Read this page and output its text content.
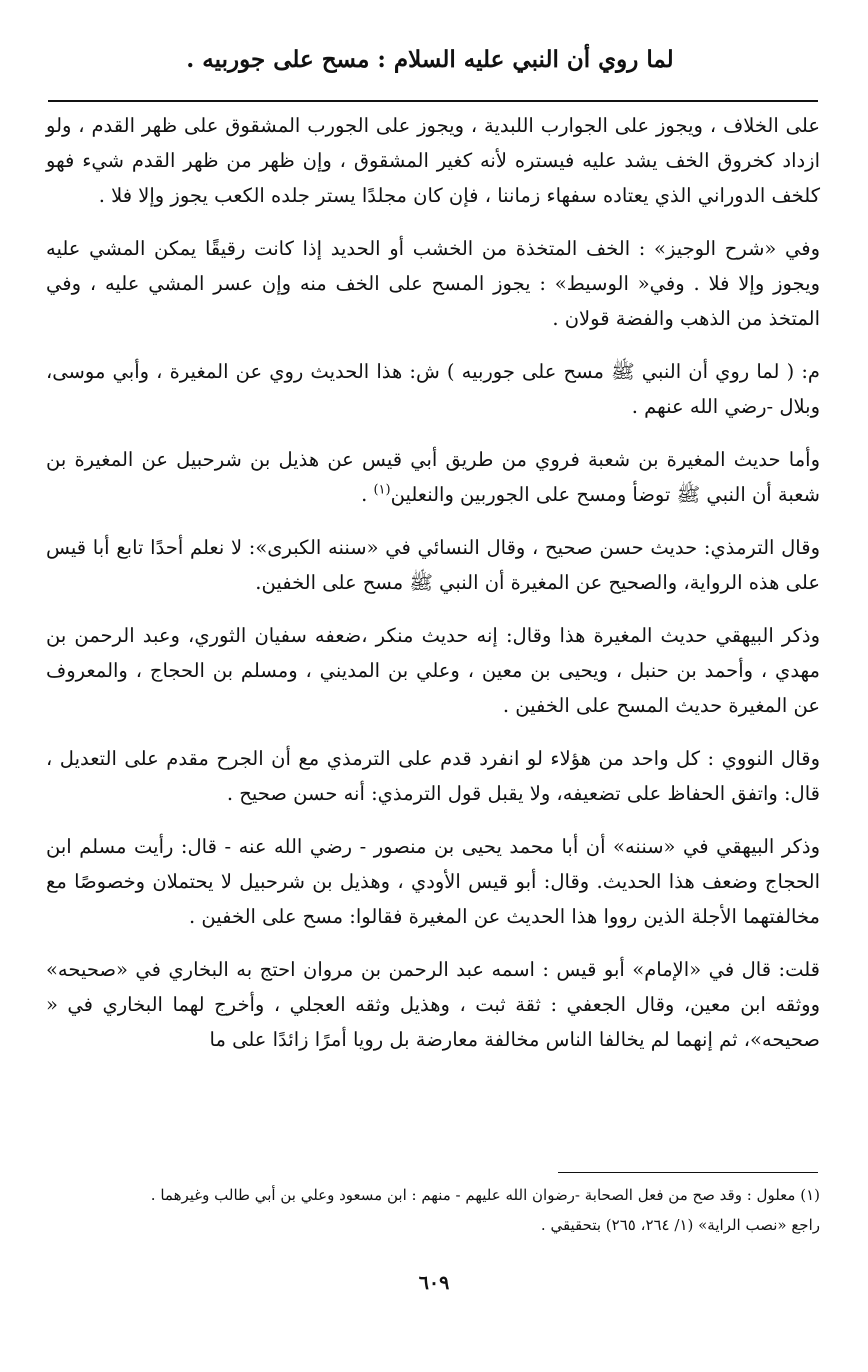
لما روي أن النبي عليه السلام : مسح على جوربيه .

على الخلاف ، ويجوز على الجوارب اللبدية ، ويجوز على الجورب المشقوق على ظهر القدم ، ولو ازداد كخروق الخف يشد عليه فيستره لأنه كغير المشقوق ، وإن ظهر من ظهر القدم شيء فهو كلخف الدوراني الذي يعتاده سفهاء زماننا ، فإن كان مجلدًا يستر جلده الكعب يجوز وإلا فلا .

وفي «شرح الوجيز» : الخف المتخذة من الخشب أو الحديد إذا كانت رقيقًا يمكن المشي عليه ويجوز وإلا فلا . وفي« الوسيط» : يجوز المسح على الخف منه وإن عسر المشي عليه ، وفي المتخذ من الذهب والفضة قولان .

م: ( لما روي أن النبي ﷺ مسح على جوربيه ) ش: هذا الحديث روي عن المغيرة ، وأبي موسى، وبلال -رضي الله عنهم .

وأما حديث المغيرة بن شعبة فروي من طريق أبي قيس عن هذيل بن شرحبيل عن المغيرة بن شعبة أن النبي ﷺ توضأ ومسح على الجوربين والنعلين$^{(١)}$ .

وقال الترمذي: حديث حسن صحيح ، وقال النسائي في «سننه الكبرى»: لا نعلم أحدًا تابع أبا قيس على هذه الرواية، والصحيح عن المغيرة أن النبي ﷺ مسح على الخفين.

وذكر البيهقي حديث المغيرة هذا وقال: إنه حديث منكر ،ضعفه سفيان الثوري، وعبد الرحمن بن مهدي ، وأحمد بن حنبل ، ويحيى بن معين ، وعلي بن المديني ، ومسلم بن الحجاج ، والمعروف عن المغيرة حديث المسح على الخفين .

وقال النووي : كل واحد من هؤلاء لو انفرد قدم على الترمذي مع أن الجرح مقدم على التعديل ، قال: واتفق الحفاظ على تضعيفه، ولا يقبل قول الترمذي: أنه حسن صحيح .

وذكر البيهقي في «سننه» أن أبا محمد يحيى بن منصور - رضي الله عنه - قال: رأيت مسلم ابن الحجاج وضعف هذا الحديث. وقال: أبو قيس الأودي ، وهذيل بن شرحبيل لا يحتملان وخصوصًا مع مخالفتهما الأجلة الذين رووا هذا الحديث عن المغيرة فقالوا: مسح على الخفين .

قلت: قال في «الإمام» أبو قيس : اسمه عبد الرحمن بن مروان احتج به البخاري في «صحيحه» ووثقه ابن معين، وقال الجعفي : ثقة ثبت ، وهذيل وثقه العجلي ، وأخرج لهما البخاري في « صحيحه»، ثم إنهما لم يخالفا الناس مخالفة معارضة بل رويا أمرًا زائدًا على ما

(١) معلول : وقد صح من فعل الصحابة -رضوان الله عليهم - منهم : ابن مسعود وعلي بن أبي طالب وغيرهما .

راجع «نصب الراية» (١/ ٢٦٤، ٢٦٥) بتحقيقي .

٦٠٩
